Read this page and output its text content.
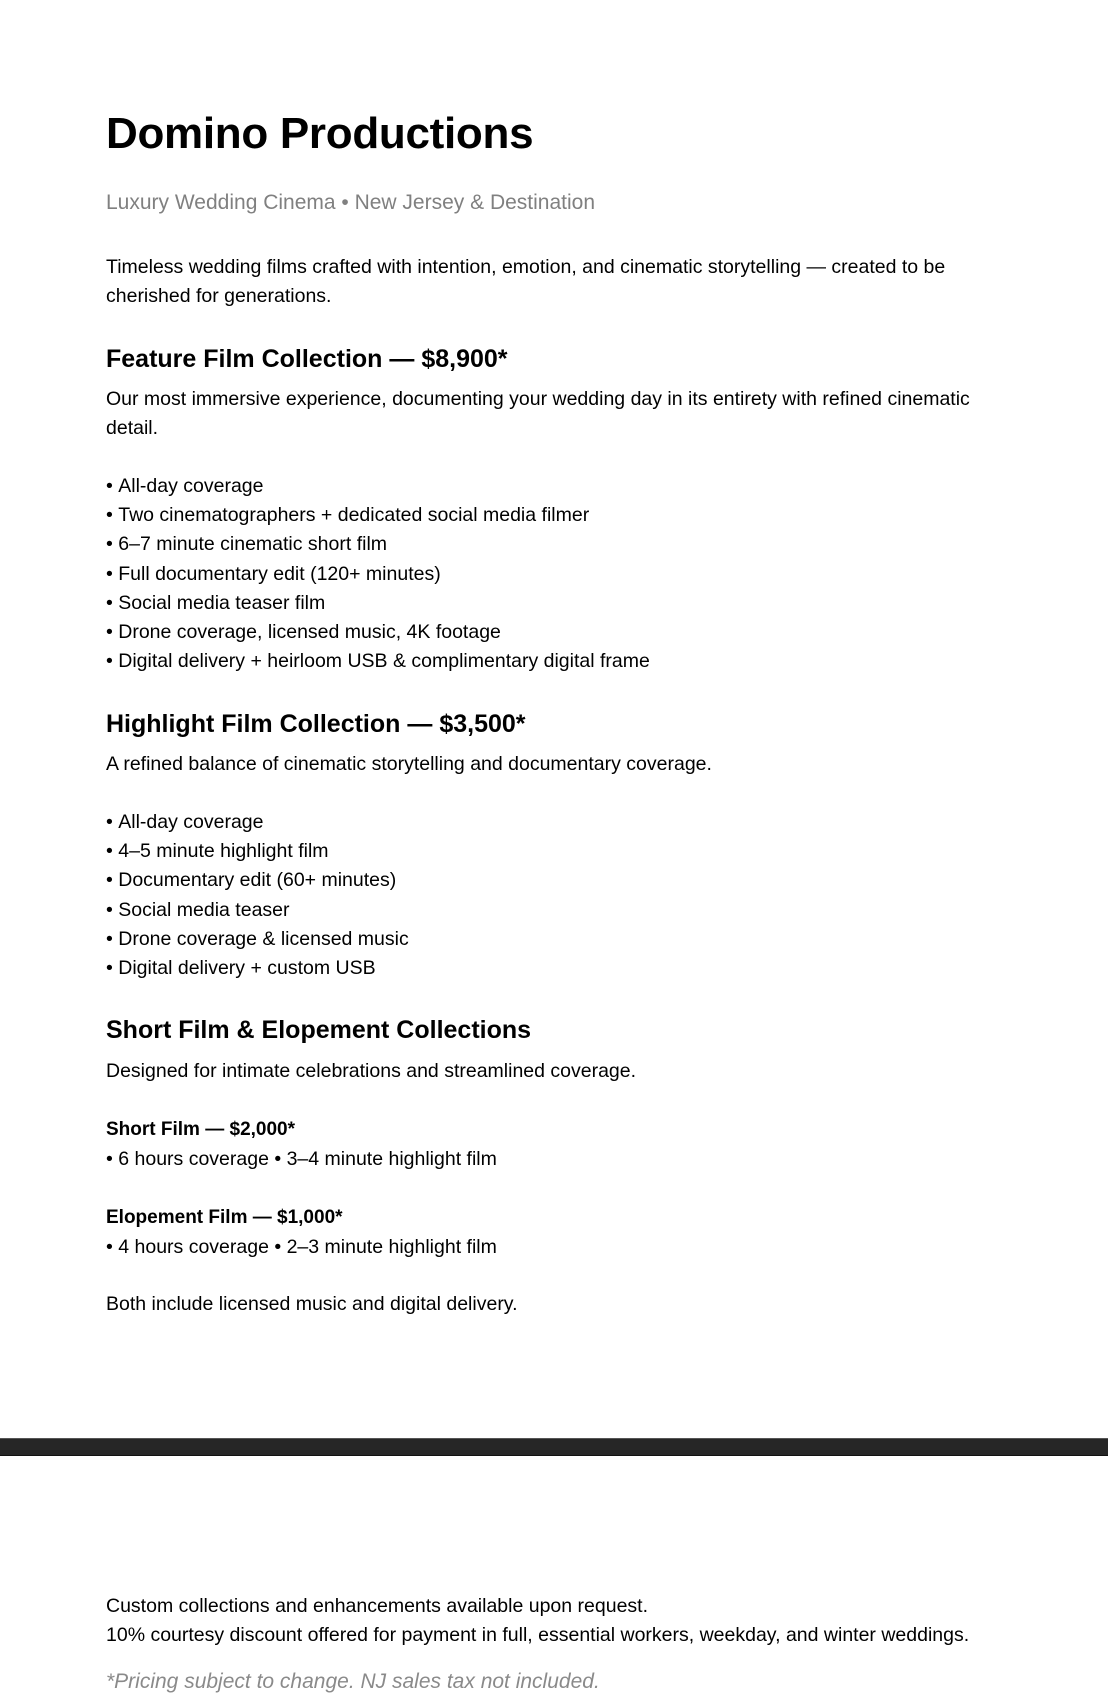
Domino Productions
Luxury Wedding Cinema • New Jersey & Destination
Timeless wedding films crafted with intention, emotion, and cinematic storytelling — created to be cherished for generations.
Feature Film Collection — $8,900*
Our most immersive experience, documenting your wedding day in its entirety with refined cinematic detail.
• All-day coverage
• Two cinematographers + dedicated social media filmer
• 6–7 minute cinematic short film
• Full documentary edit (120+ minutes)
• Social media teaser film
• Drone coverage, licensed music, 4K footage
• Digital delivery + heirloom USB & complimentary digital frame
Highlight Film Collection — $3,500*
A refined balance of cinematic storytelling and documentary coverage.
• All-day coverage
• 4–5 minute highlight film
• Documentary edit (60+ minutes)
• Social media teaser
• Drone coverage & licensed music
• Digital delivery + custom USB
Short Film & Elopement Collections
Designed for intimate celebrations and streamlined coverage.
Short Film — $2,000*
• 6 hours coverage • 3–4 minute highlight film
Elopement Film — $1,000*
• 4 hours coverage • 2–3 minute highlight film
Both include licensed music and digital delivery.
Custom collections and enhancements available upon request.
10% courtesy discount offered for payment in full, essential workers, weekday, and winter weddings.
*Pricing subject to change. NJ sales tax not included.
